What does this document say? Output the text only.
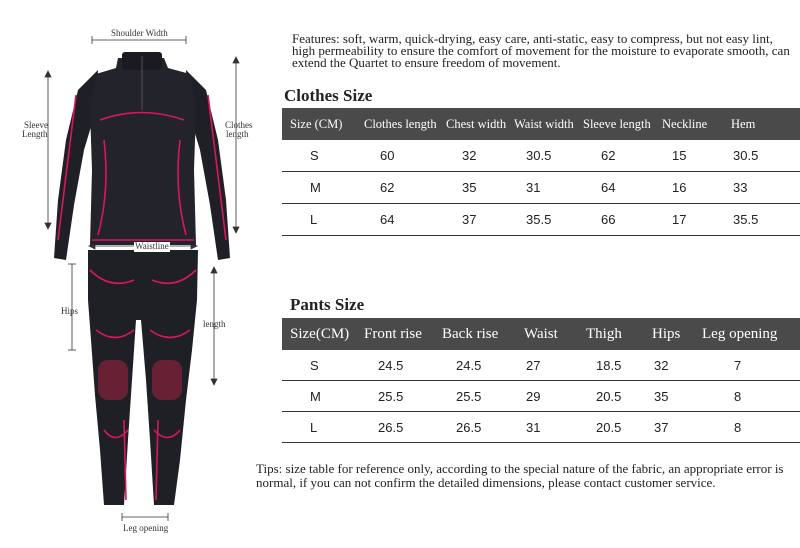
Shoulder Width
Sleeve
Length
Clothes
length
Waistline
Hips
length
Leg opening

Features: soft, warm, quick-drying, easy care, anti-static, easy to compress, but not easy lint, high permeability to ensure the comfort of movement for the moisture to evaporate smooth, can extend the Quartet to ensure freedom of movement.

Clothes Size
Size (CM)	Clothes length	Chest width	Waist width	Sleeve length	Neckline	Hem
S	60	32	30.5	62	15	30.5
M	62	35	31	64	16	33
L	64	37	35.5	66	17	35.5
Pants Size
Size(CM)	Front rise	Back rise	Waist	Thigh	Hips	Leg opening
S	24.5	24.5	27	18.5	32	7
M	25.5	25.5	29	20.5	35	8
L	26.5	26.5	31	20.5	37	8

Tips: size table for reference only, according to the special nature of the fabric, an appropriate error is normal, if you can not confirm the detailed dimensions, please contact customer service.
